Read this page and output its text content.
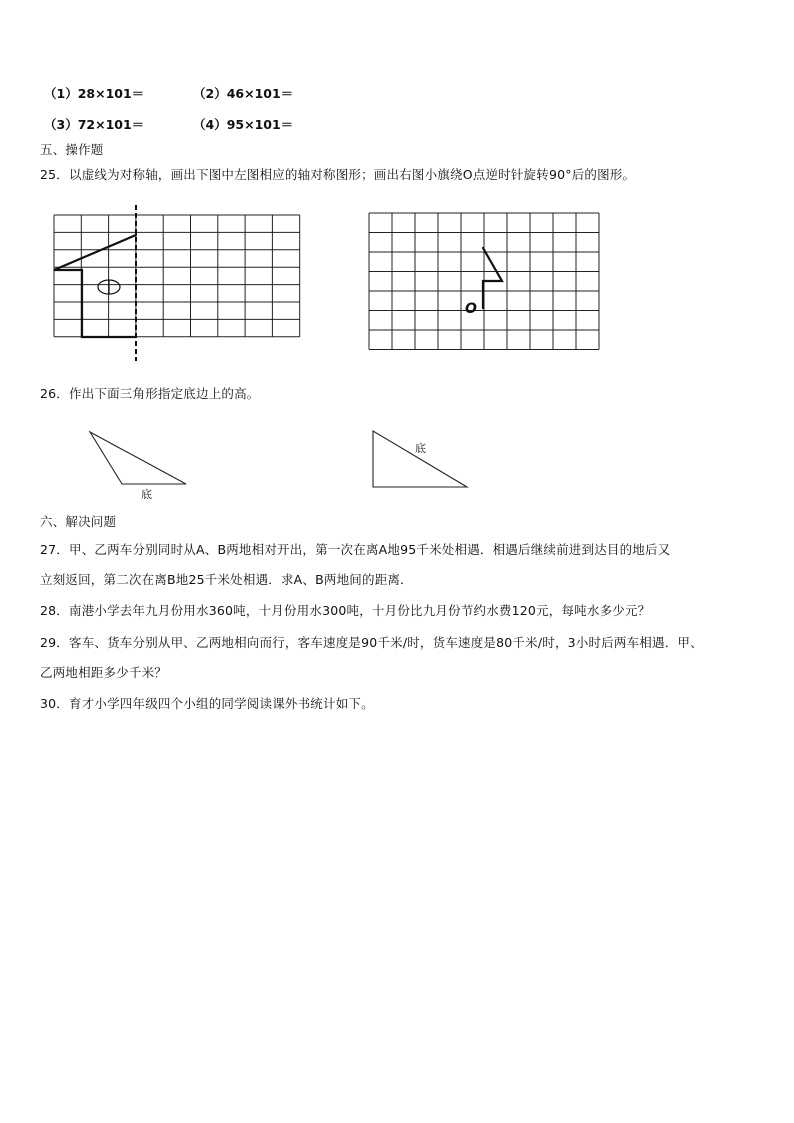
（1）28×101＝	（2）46×101＝
（3）72×101＝	（4）95×101＝
五、操作题
25．以虚线为对称轴，画出下图中左图相应的轴对称图形；画出右图小旗绕O点逆时针旋转90°后的图形。
O
26．作出下面三角形指定底边上的高。
底
底
六、解决问题
27．甲、乙两车分别同时从A、B两地相对开出，第一次在离A地95千米处相遇．相遇后继续前进到达目的地后又
立刻返回，第二次在离B地25千米处相遇．求A、B两地间的距离．
28．南港小学去年九月份用水360吨，十月份用水300吨，十月份比九月份节约水费120元，每吨水多少元？
29．客车、货车分别从甲、乙两地相向而行，客车速度是90千米/时，货车速度是80千米/时，3小时后两车相遇．甲、
乙两地相距多少千米？
30．育才小学四年级四个小组的同学阅读课外书统计如下。
